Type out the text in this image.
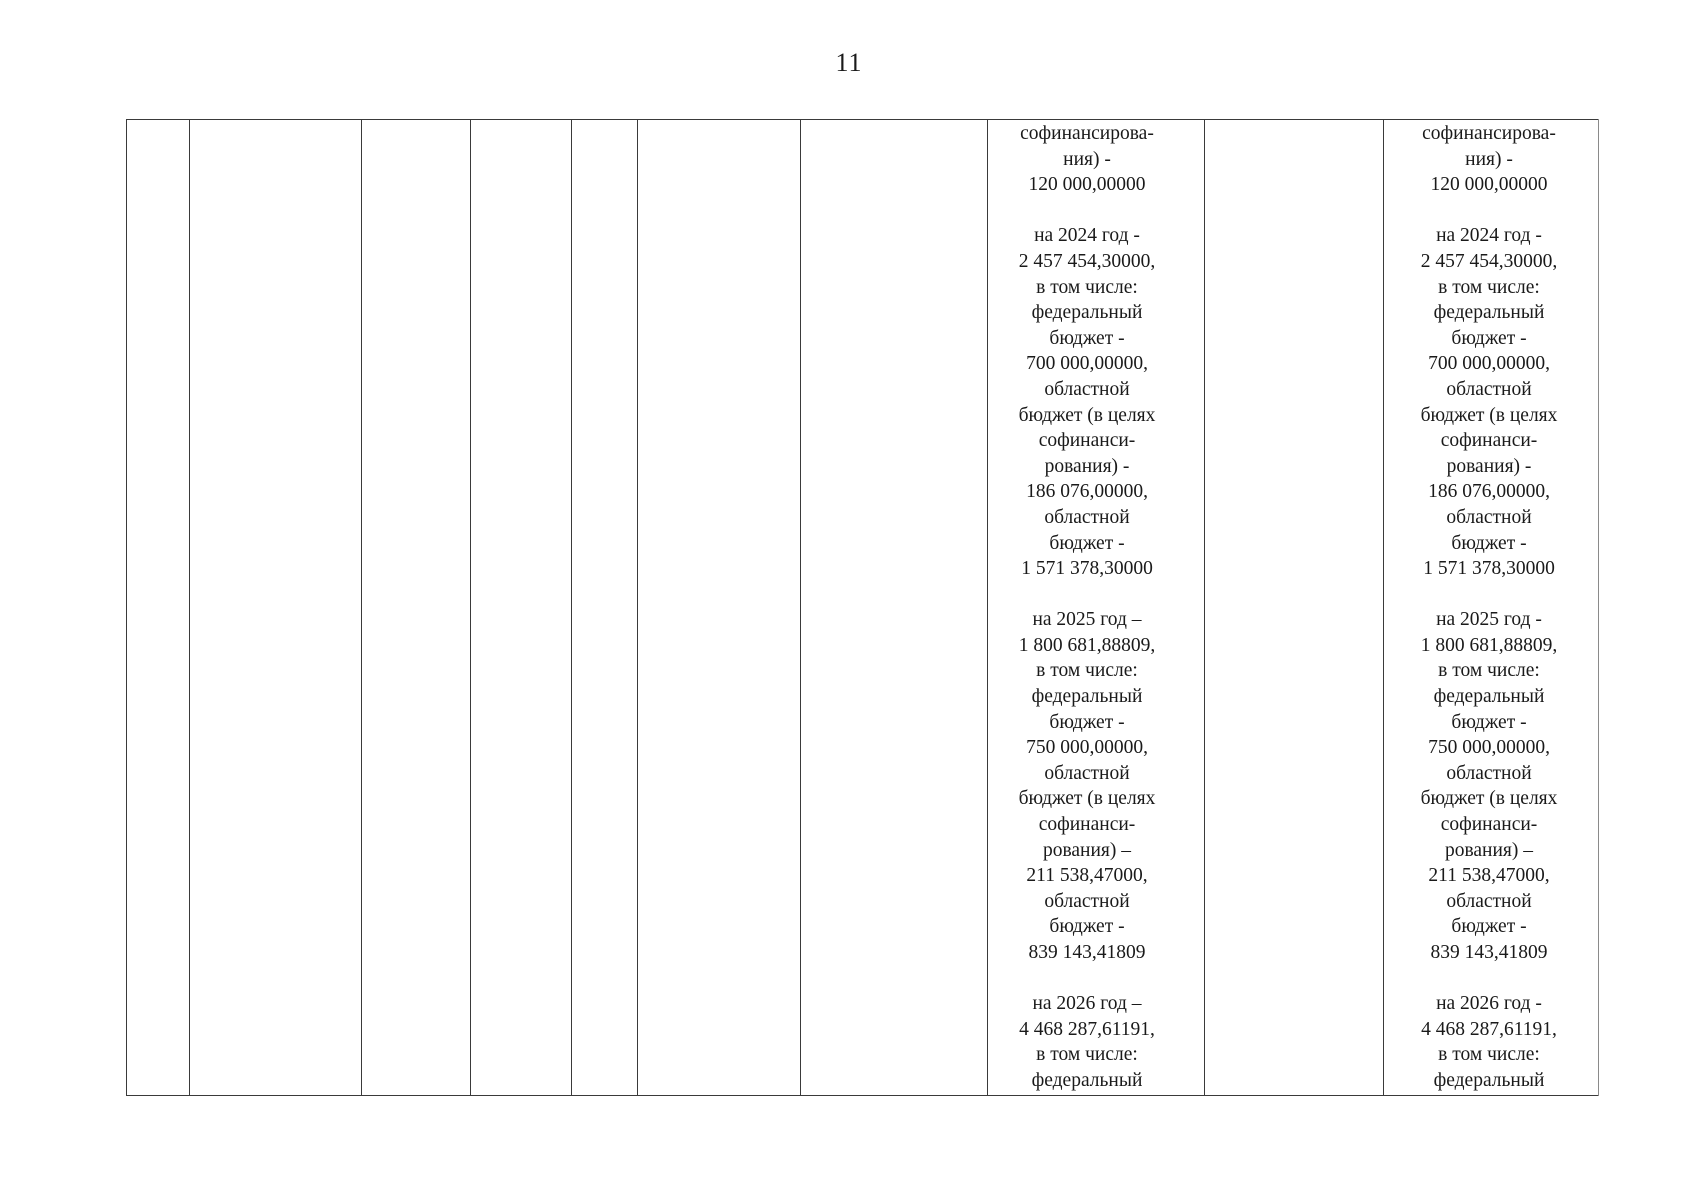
11
софинансирова-
ния) -
120 000,00000
на 2024 год -
2 457 454,30000,
в том числе:
федеральный
бюджет -
700 000,00000,
областной
бюджет (в целях
софинанси-
рования) -
186 076,00000,
областной
бюджет -
1 571 378,30000
на 2025 год –
1 800 681,88809,
в том числе:
федеральный
бюджет -
750 000,00000,
областной
бюджет (в целях
софинанси-
рования) –
211 538,47000,
областной
бюджет -
839 143,41809
на 2026 год –
4 468 287,61191,
в том числе:
федеральный
софинансирова-
ния) -
120 000,00000
на 2024 год -
2 457 454,30000,
в том числе:
федеральный
бюджет -
700 000,00000,
областной
бюджет (в целях
софинанси-
рования) -
186 076,00000,
областной
бюджет -
1 571 378,30000
на 2025 год -
1 800 681,88809,
в том числе:
федеральный
бюджет -
750 000,00000,
областной
бюджет (в целях
софинанси-
рования) –
211 538,47000,
областной
бюджет -
839 143,41809
на 2026 год -
4 468 287,61191,
в том числе:
федеральный
